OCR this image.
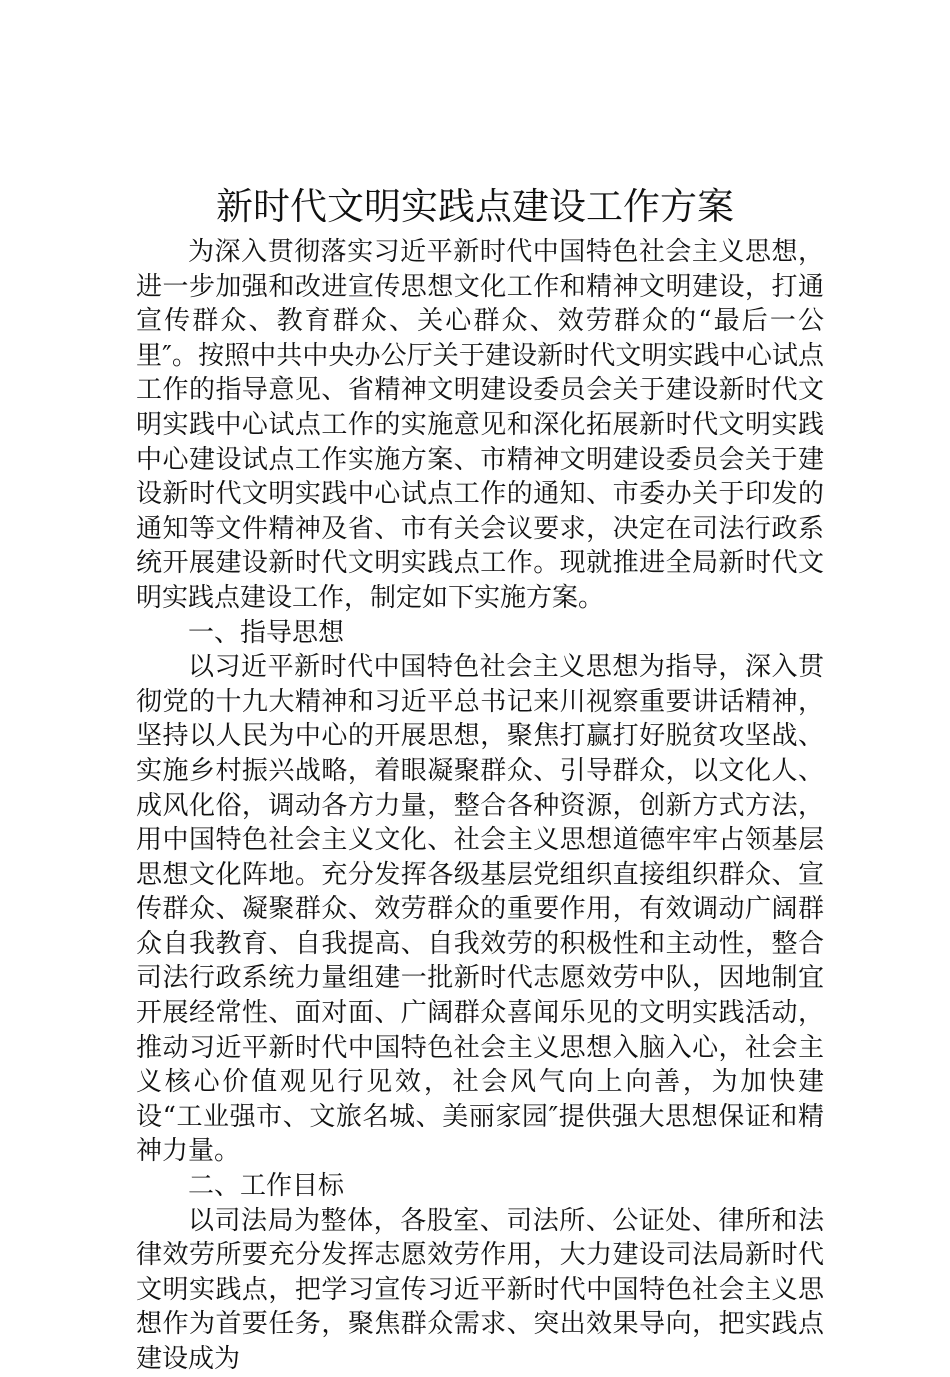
新时代文明实践点建设工作方案

为深入贯彻落实习近平新时代中国特色社会主义思想，进一步加强和改进宣传思想文化工作和精神文明建设，打通宣传群众、教育群众、关心群众、效劳群众的“最后一公里″。按照中共中央办公厅关于建设新时代文明实践中心试点工作的指导意见、省精神文明建设委员会关于建设新时代文明实践中心试点工作的实施意见和深化拓展新时代文明实践中心建设试点工作实施方案、市精神文明建设委员会关于建设新时代文明实践中心试点工作的通知、市委办关于印发的通知等文件精神及省、市有关会议要求，决定在司法行政系统开展建设新时代文明实践点工作。现就推进全局新时代文明实践点建设工作，制定如下实施方案。

一、指导思想

以习近平新时代中国特色社会主义思想为指导，深入贯彻党的十九大精神和习近平总书记来川视察重要讲话精神，坚持以人民为中心的开展思想，聚焦打赢打好脱贫攻坚战、实施乡村振兴战略，着眼凝聚群众、引导群众，以文化人、成风化俗，调动各方力量，整合各种资源，创新方式方法，用中国特色社会主义文化、社会主义思想道德牢牢占领基层思想文化阵地。充分发挥各级基层党组织直接组织群众、宣传群众、凝聚群众、效劳群众的重要作用，有效调动广阔群众自我教育、自我提高、自我效劳的积极性和主动性，整合司法行政系统力量组建一批新时代志愿效劳中队，因地制宜开展经常性、面对面、广阔群众喜闻乐见的文明实践活动，推动习近平新时代中国特色社会主义思想入脑入心，社会主义核心价值观见行见效，社会风气向上向善，为加快建设“工业强市、文旅名城、美丽家园″提供强大思想保证和精神力量。

二、工作目标

以司法局为整体，各股室、司法所、公证处、律所和法律效劳所要充分发挥志愿效劳作用，大力建设司法局新时代文明实践点，把学习宣传习近平新时代中国特色社会主义思想作为首要任务，聚焦群众需求、突出效果导向，把实践点建设成为
